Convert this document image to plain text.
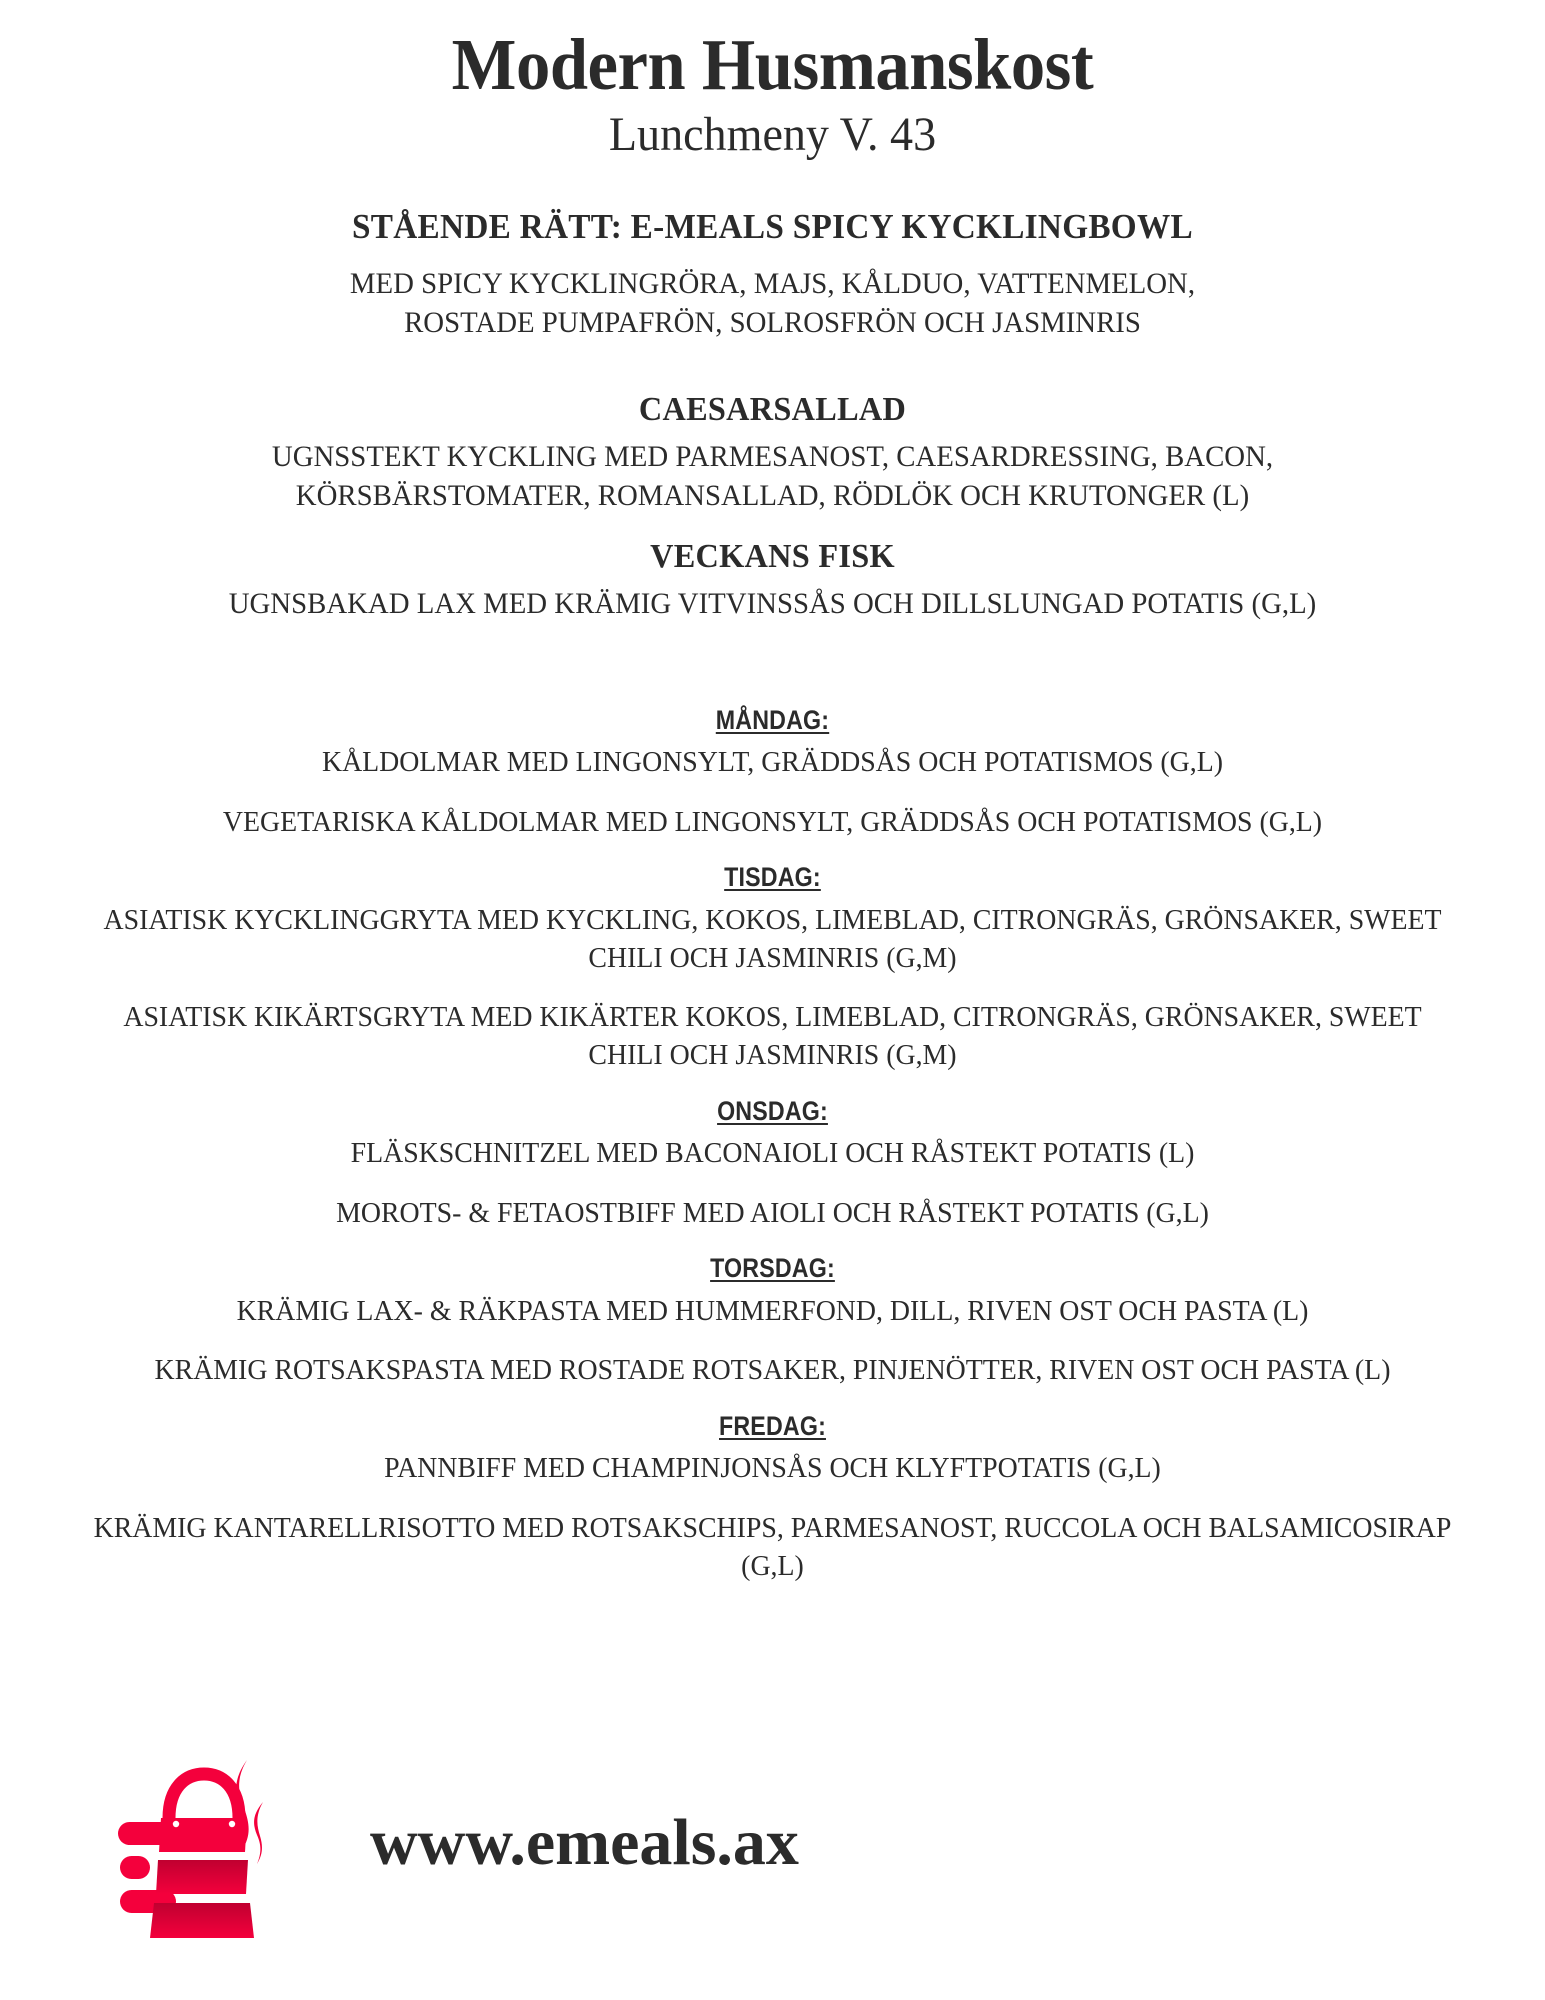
Modern Husmanskost
Lunchmeny V. 43
STÅENDE RÄTT: E-MEALS SPICY KYCKLINGBOWL
MED SPICY KYCKLINGRÖRA, MAJS, KÅLDUO, VATTENMELON,
ROSTADE PUMPAFRÖN, SOLROSFRÖN OCH JASMINRIS
CAESARSALLAD
UGNSSTEKT KYCKLING MED PARMESANOST, CAESARDRESSING, BACON,
KÖRSBÄRSTOMATER, ROMANSALLAD, RÖDLÖK OCH KRUTONGER (L)
VECKANS FISK
UGNSBAKAD LAX MED KRÄMIG VITVINSSÅS OCH DILLSLUNGAD POTATIS (G,L)
MÅNDAG:
KÅLDOLMAR MED LINGONSYLT, GRÄDDSÅS OCH POTATISMOS (G,L)
VEGETARISKA KÅLDOLMAR MED LINGONSYLT, GRÄDDSÅS OCH POTATISMOS (G,L)
TISDAG:
ASIATISK KYCKLINGGRYTA MED KYCKLING, KOKOS, LIMEBLAD, CITRONGRÄS, GRÖNSAKER, SWEET CHILI OCH JASMINRIS (G,M)
ASIATISK KIKÄRTSGRYTA MED KIKÄRTER KOKOS, LIMEBLAD, CITRONGRÄS, GRÖNSAKER, SWEET CHILI OCH JASMINRIS (G,M)
ONSDAG:
FLÄSKSCHNITZEL MED BACONAIOLI OCH RÅSTEKT POTATIS (L)
MOROTS- & FETAOSTBIFF MED AIOLI OCH RÅSTEKT POTATIS (G,L)
TORSDAG:
KRÄMIG LAX- & RÄKPASTA MED HUMMERFOND, DILL, RIVEN OST OCH PASTA (L)
KRÄMIG ROTSAKSPASTA MED ROSTADE ROTSAKER, PINJENÖTTER, RIVEN OST OCH PASTA (L)
FREDAG:
PANNBIFF MED CHAMPINJONSÅS OCH KLYFTPOTATIS (G,L)
KRÄMIG KANTARELLRISOTTO MED ROTSAKSCHIPS, PARMESANOST, RUCCOLA OCH BALSAMICOSIRAP (G,L)
www.emeals.ax
